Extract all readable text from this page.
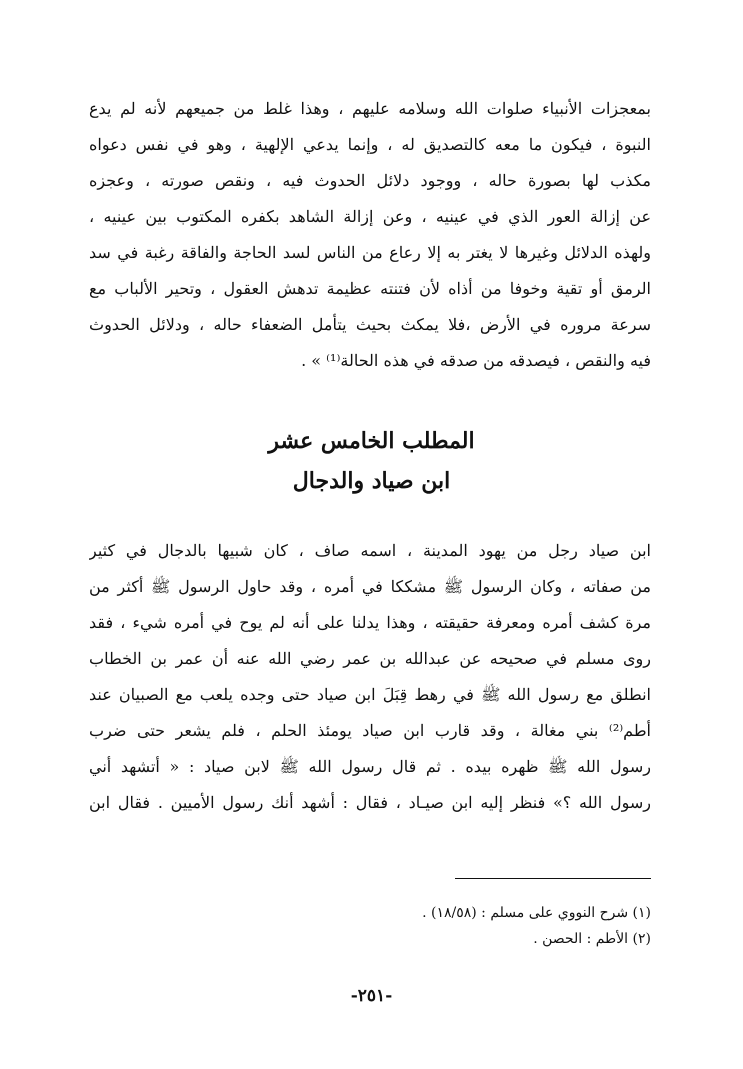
بمعجزات الأنبياء صلوات الله وسلامه عليهم ، وهذا غلط من جميعهم لأنه لم يدع
النبوة ، فيكون ما معه كالتصديق له ، وإنما يدعي الإلهية ، وهو في نفس دعواه
مكذب لها بصورة حاله ، ووجود دلائل الحدوث فيه ، ونقص صورته ، وعجزه
عن إزالة العور الذي في عينيه ، وعن إزالة الشاهد بكفره المكتوب بين عينيه ،
ولهذه الدلائل وغيرها لا يغتر به إلا رعاع من الناس لسد الحاجة والفاقة رغبة في سد
الرمق أو تقية وخوفا من أذاه لأن فتنته عظيمة تدهش العقول ، وتحير الألباب مع
سرعة مروره في الأرض ،فلا يمكث بحيث يتأمل الضعفاء حاله ، ودلائل الحدوث
فيه والنقص ، فيصدقه من صدقه في هذه الحالة⁽¹⁾ » .
المطلب الخامس عشر
ابن صياد والدجال
ابن صياد رجل من يهود المدينة ، اسمه صاف ، كان شبيها بالدجال في كثير
من صفاته ، وكان الرسول ﷺ مشككا في أمره ، وقد حاول الرسول ﷺ أكثر من
مرة كشف أمره ومعرفة حقيقته ، وهذا يدلنا على أنه لم يوح في أمره شيء ، فقد
روى مسلم في صحيحه عن عبدالله بن عمر رضي الله عنه أن عمر بن الخطاب
انطلق مع رسول الله ﷺ في رهط قِبَلَ ابن صياد حتى وجده يلعب مع الصبيان عند
أطم⁽²⁾ بني مغالة ، وقد قارب ابن صياد يومئذ الحلم ، فلم يشعر حتى ضرب
رسول الله ﷺ ظهره بيده . ثم قال رسول الله ﷺ لابن صياد : « أتشهد أني
رسول الله ؟» فنظر إليه ابن صيـاد ، فقال : أشهد أنك رسول الأميين . فقال ابن
(١) شرح النووي على مسلم : (١٨/٥٨) .
(٢) الأطم : الحصن .
-٢٥١-
